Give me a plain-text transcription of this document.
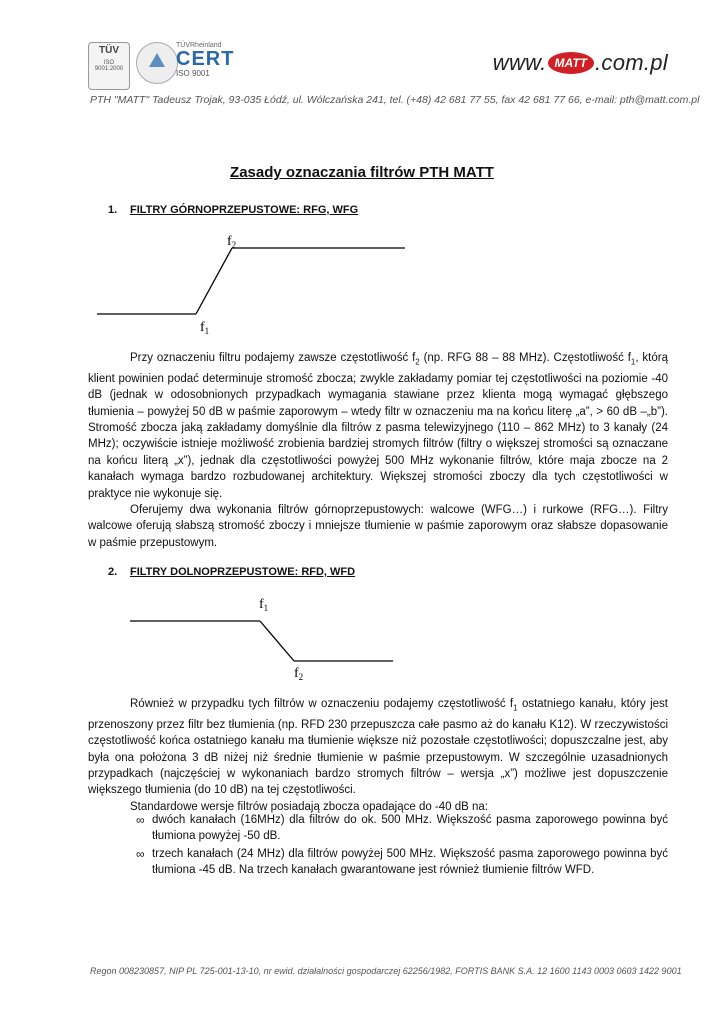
TÜV
ISO 9001:2000
TÜVRheinland
CERT
ISO 9001	www. MATT .com.pl
PTH "MATT" Tadeusz Trojak, 93-035 Łódź, ul. Wólczańska 241, tel. (+48) 42 681 77 55, fax 42 681 77 66, e-mail: pth@matt.com.pl
Zasady oznaczania filtrów PTH MATT
1. FILTRY GÓRNOPRZEPUSTOWE: RFG, WFG
$f_2$
$f_1$
$f_1$
$f_2$
Przy oznaczeniu filtru podajemy zawsze częstotliwość $f_2$ (np. RFG 88 – 88 MHz). Częstotliwość $f_1$, którą klient powinien podać determinuje stromość zbocza; zwykle zakładamy pomiar tej częstotliwości na poziomie -40 dB (jednak w odosobnionych przypadkach wymagania stawiane przez klienta mogą wymagać głębszego tłumienia – powyżej 50 dB w paśmie zaporowym – wtedy filtr w oznaczeniu ma na końcu literę „a”, > 60 dB –„b”). Stromość zbocza jaką zakładamy domyślnie dla filtrów z pasma telewizyjnego (110 – 862 MHz) to 3 kanały (24 MHz); oczywiście istnieje możliwość zrobienia bardziej stromych filtrów (filtry o większej stromości są oznaczane na końcu literą „x”), jednak dla częstotliwości powyżej 500 MHz wykonanie filtrów, które maja zbocze na 2 kanałach wymaga bardzo rozbudowanej architektury. Większej stromości zboczy dla tych częstotliwości w praktyce nie wykonuje się.
Oferujemy dwa wykonania filtrów górnoprzepustowych: walcowe (WFG…) i rurkowe (RFG…). Filtry walcowe oferują słabszą stromość zboczy i mniejsze tłumienie w paśmie zaporowym oraz słabsze dopasowanie w paśmie przepustowym.
2. FILTRY DOLNOPRZEPUSTOWE: RFD, WFD
Również w przypadku tych filtrów w oznaczeniu podajemy częstotliwość $f_1$ ostatniego kanału, który jest przenoszony przez filtr bez tłumienia (np. RFD 230 przepuszcza całe pasmo aż do kanału K12). W rzeczywistości częstotliwość końca ostatniego kanału ma tłumienie większe niż pozostałe częstotliwości; dopuszczalne jest, aby była ona położona 3 dB niżej niż średnie tłumienie w paśmie przepustowym. W szczególnie uzasadnionych przypadkach (najczęściej w wykonaniach bardzo stromych filtrów – wersja „x”) możliwe jest dopuszczenie większego tłumienia (do 10 dB) na tej częstotliwości.
Standardowe wersje filtrów posiadają zbocza opadające do -40 dB na:
∞ dwóch kanałach (16MHz) dla filtrów do ok. 500 MHz. Większość pasma zaporowego powinna być tłumiona powyżej -50 dB.
∞ trzech kanałach (24 MHz) dla filtrów powyżej 500 MHz. Większość pasma zaporowego powinna być tłumiona -45 dB. Na trzech kanałach gwarantowane jest również tłumienie filtrów WFD.
Regon 008230857, NIP PL 725-001-13-10, nr ewid. działalności gospodarczej 62256/1982, FORTIS BANK S.A. 12 1600 1143 0003 0603 1422 9001
